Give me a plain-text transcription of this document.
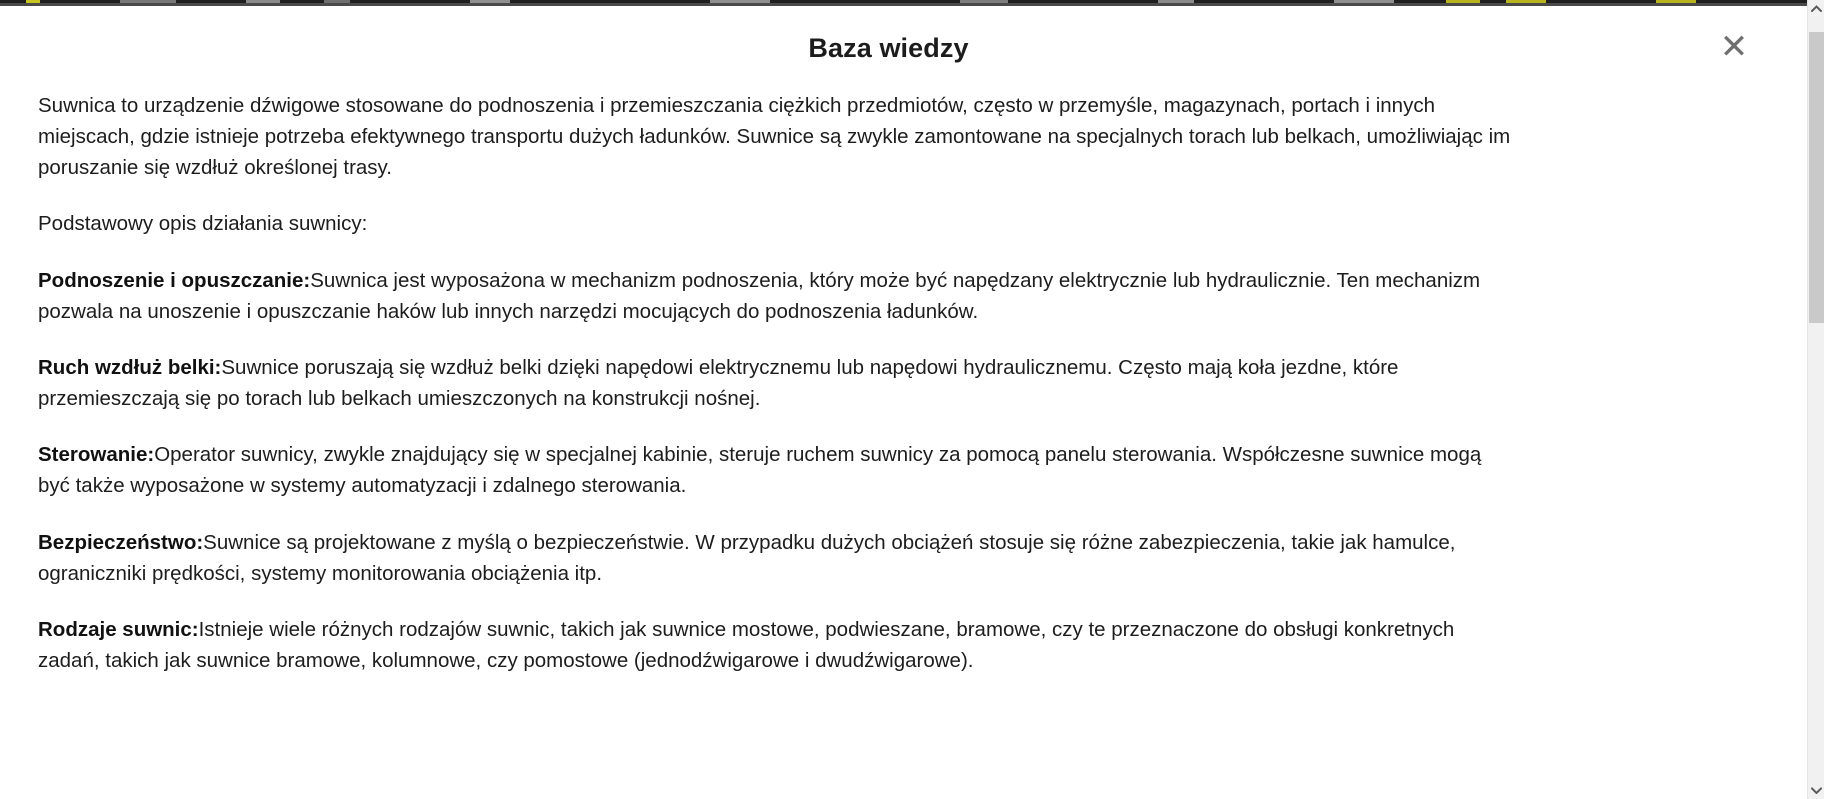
Baza wiedzy	✕

Suwnica to urządzenie dźwigowe stosowane do podnoszenia i przemieszczania ciężkich przedmiotów, często w przemyśle, magazynach, portach i innych miejscach, gdzie istnieje potrzeba efektywnego transportu dużych ładunków. Suwnice są zwykle zamontowane na specjalnych torach lub belkach, umożliwiając im poruszanie się wzdłuż określonej trasy.

Podstawowy opis działania suwnicy:

Podnoszenie i opuszczanie:Suwnica jest wyposażona w mechanizm podnoszenia, który może być napędzany elektrycznie lub hydraulicznie. Ten mechanizm pozwala na unoszenie i opuszczanie haków lub innych narzędzi mocujących do podnoszenia ładunków.

Ruch wzdłuż belki:Suwnice poruszają się wzdłuż belki dzięki napędowi elektrycznemu lub napędowi hydraulicznemu. Często mają koła jezdne, które przemieszczają się po torach lub belkach umieszczonych na konstrukcji nośnej.

Sterowanie:Operator suwnicy, zwykle znajdujący się w specjalnej kabinie, steruje ruchem suwnicy za pomocą panelu sterowania. Współczesne suwnice mogą być także wyposażone w systemy automatyzacji i zdalnego sterowania.

Bezpieczeństwo:Suwnice są projektowane z myślą o bezpieczeństwie. W przypadku dużych obciążeń stosuje się różne zabezpieczenia, takie jak hamulce, ograniczniki prędkości, systemy monitorowania obciążenia itp.

Rodzaje suwnic:Istnieje wiele różnych rodzajów suwnic, takich jak suwnice mostowe, podwieszane, bramowe, czy te przeznaczone do obsługi konkretnych zadań, takich jak suwnice bramowe, kolumnowe, czy pomostowe (jednodźwigarowe i dwudźwigarowe).
